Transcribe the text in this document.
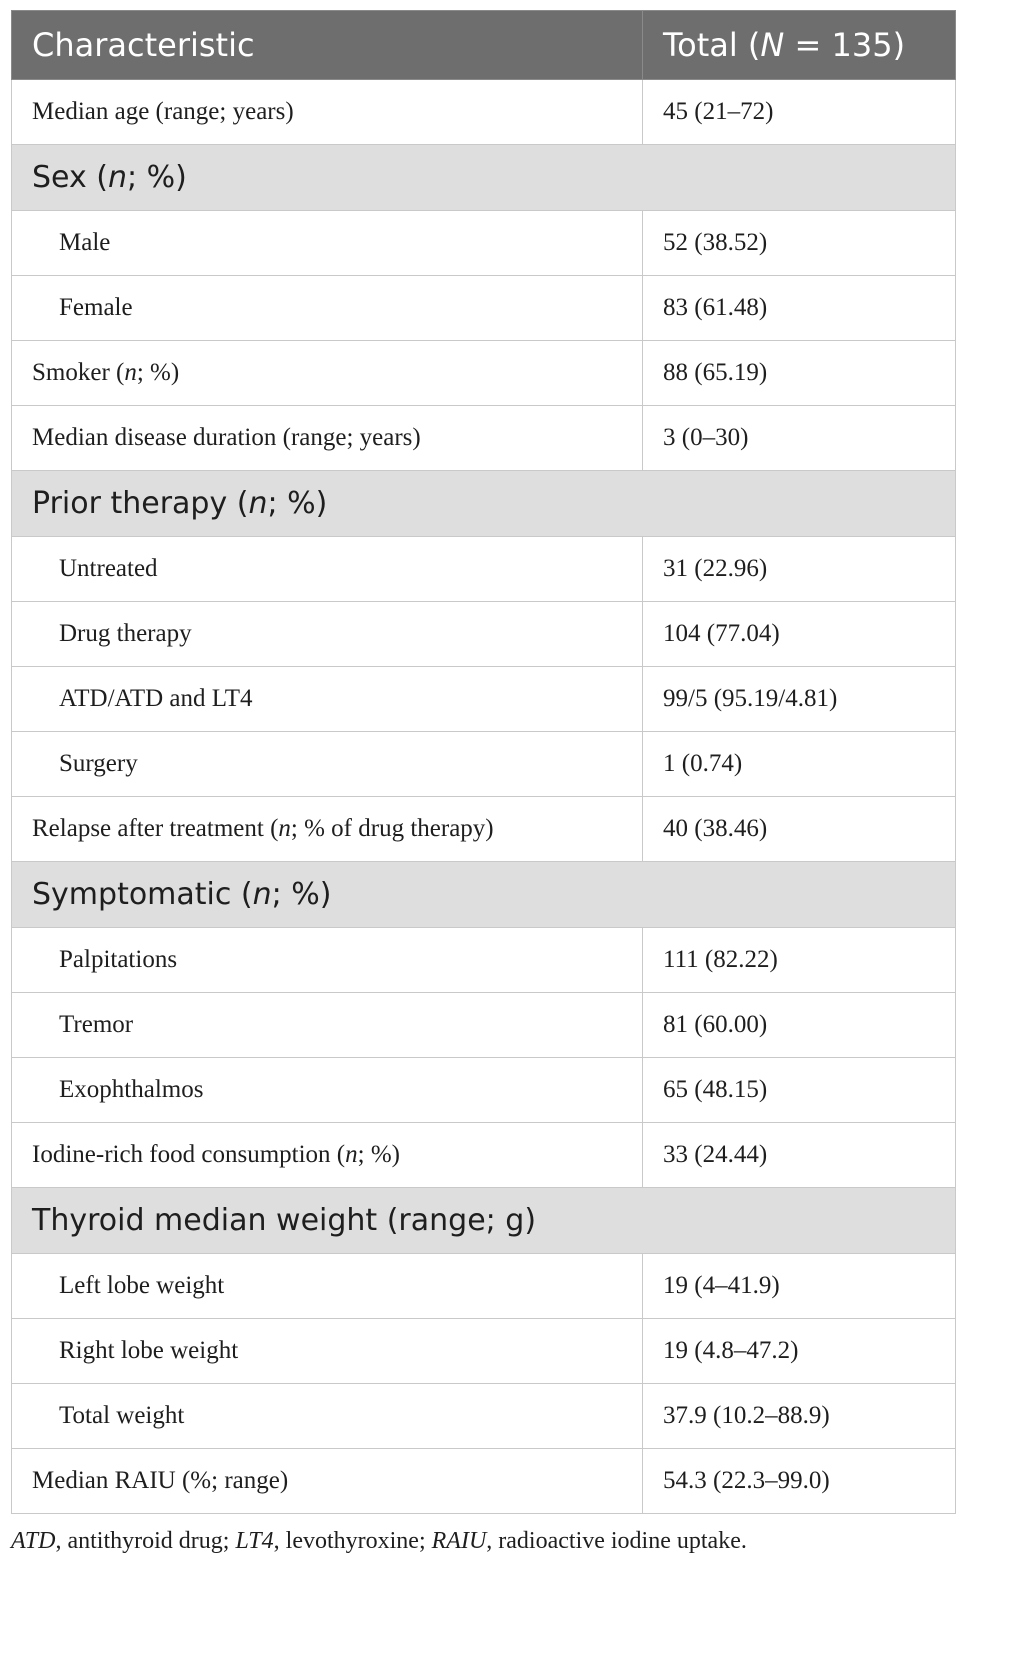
Characteristic	Total (N = 135)
Median age (range; years)	45 (21–72)
Sex (n; %)	
Male	52 (38.52)
Female	83 (61.48)
Smoker (n; %)	88 (65.19)
Median disease duration (range; years)	3 (0–30)
Prior therapy (n; %)	
Untreated	31 (22.96)
Drug therapy	104 (77.04)
ATD/ATD and LT4	99/5 (95.19/4.81)
Surgery	1 (0.74)
Relapse after treatment (n; % of drug therapy)	40 (38.46)
Symptomatic (n; %)	
Palpitations	111 (82.22)
Tremor	81 (60.00)
Exophthalmos	65 (48.15)
Iodine-rich food consumption (n; %)	33 (24.44)
Thyroid median weight (range; g)	
Left lobe weight	19 (4–41.9)
Right lobe weight	19 (4.8–47.2)
Total weight	37.9 (10.2–88.9)
Median RAIU (%; range)	54.3 (22.3–99.0)
ATD, antithyroid drug; LT4, levothyroxine; RAIU, radioactive iodine uptake.
